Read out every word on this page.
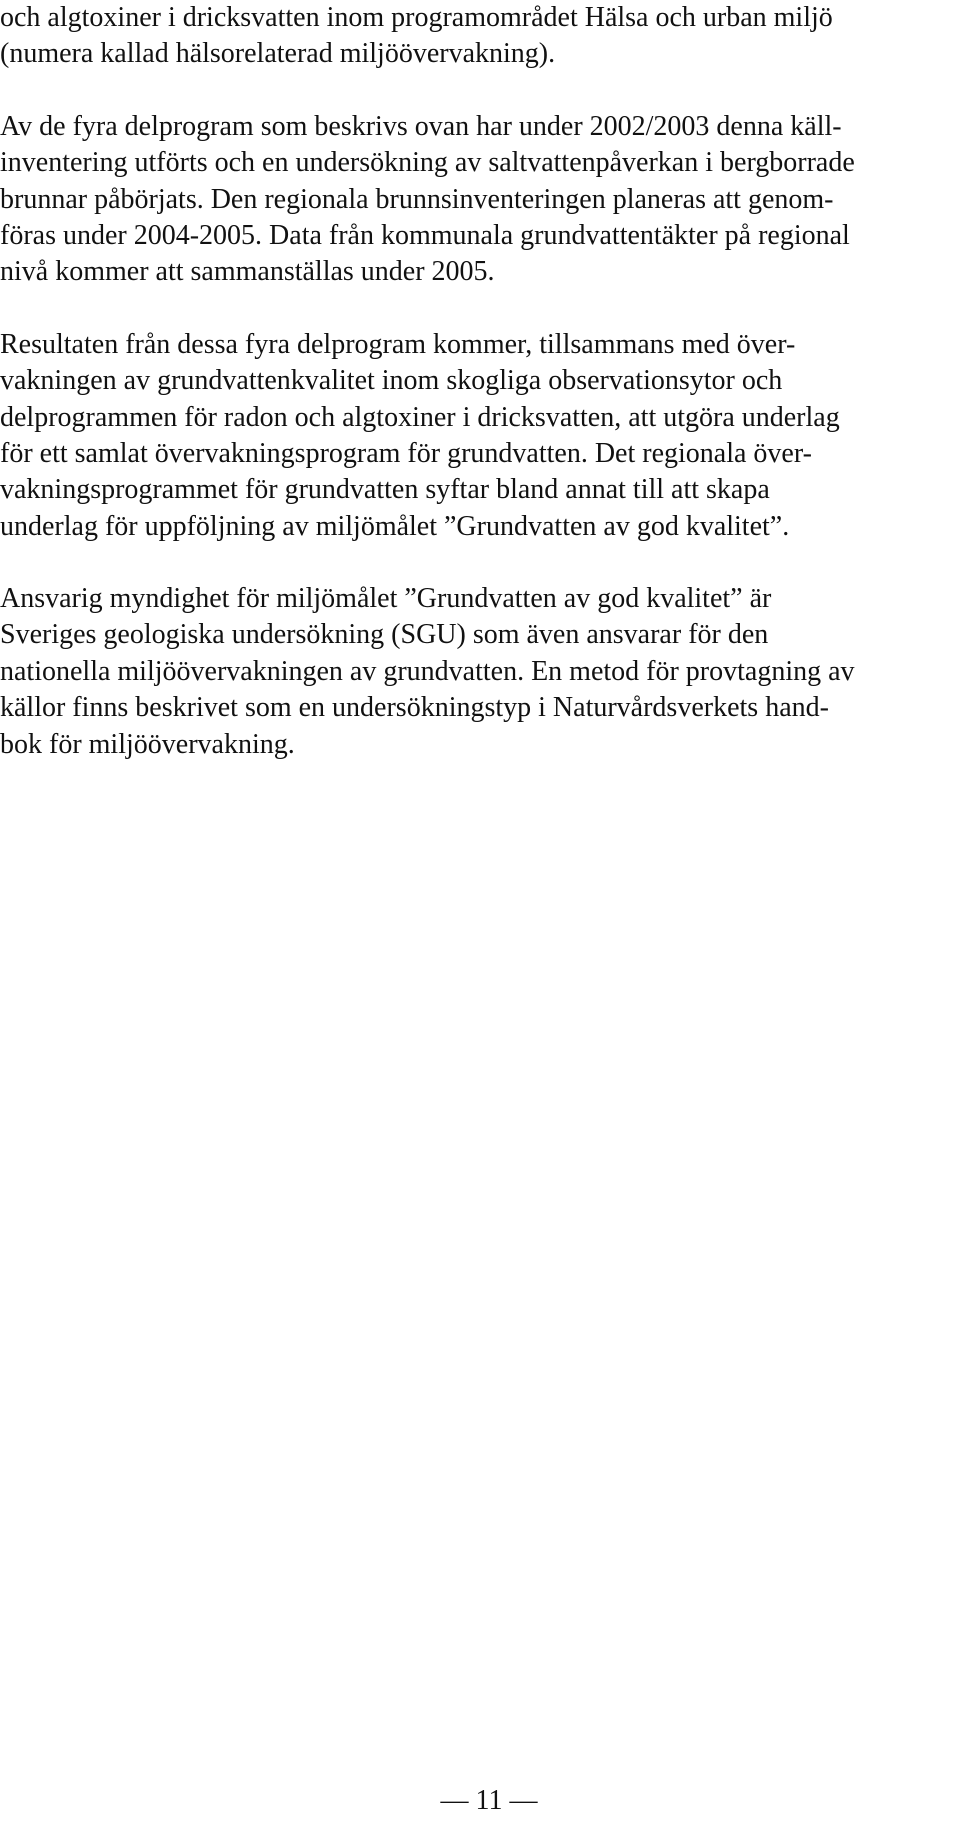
och algtoxiner i dricksvatten inom programområdet Hälsa och urban miljö
(numera kallad hälsorelaterad miljöövervakning).
Av de fyra delprogram som beskrivs ovan har under 2002/2003 denna käll-
inventering utförts och en undersökning av saltvattenpåverkan i bergborrade
brunnar påbörjats. Den regionala brunnsinventeringen planeras att genom-
föras under 2004-2005. Data från kommunala grundvattentäkter på regional
nivå kommer att sammanställas under 2005.
Resultaten från dessa fyra delprogram kommer, tillsammans med över-
vakningen av grundvattenkvalitet inom skogliga observationsytor och
delprogrammen för radon och algtoxiner i dricksvatten, att utgöra underlag
för ett samlat övervakningsprogram för grundvatten. Det regionala över-
vakningsprogrammet för grundvatten syftar bland annat till att skapa
underlag för uppföljning av miljömålet ”Grundvatten av god kvalitet”.
Ansvarig myndighet för miljömålet ”Grundvatten av god kvalitet” är
Sveriges geologiska undersökning (SGU) som även ansvarar för den
nationella miljöövervakningen av grundvatten. En metod för provtagning av
källor finns beskrivet som en undersökningstyp i Naturvårdsverkets hand-
bok för miljöövervakning.
— 11 —
